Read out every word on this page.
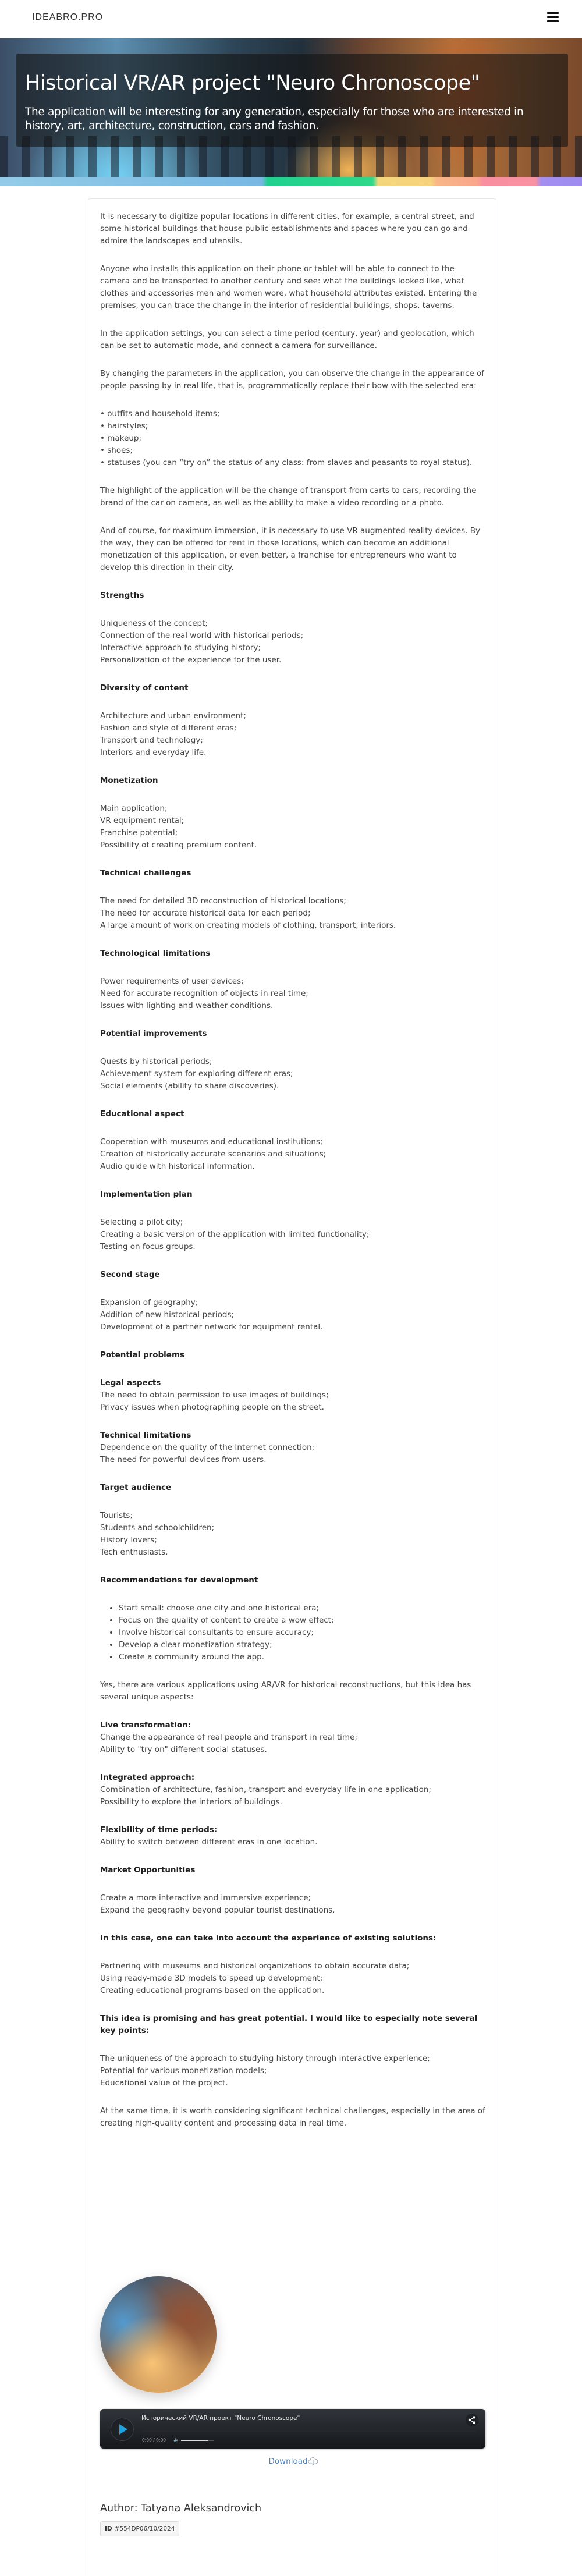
IDEABRO.PRO
Historical VR/AR project "Neuro Chronoscope"

The application will be interesting for any generation, especially for those who are interested in history, art, architecture, construction, cars and fashion.

It is necessary to digitize popular locations in different cities, for example, a central street, and some historical buildings that house public establishments and spaces where you can go and admire the landscapes and utensils.

Anyone who installs this application on their phone or tablet will be able to connect to the camera and be transported to another century and see: what the buildings looked like, what clothes and accessories men and women wore, what household attributes existed. Entering the premises, you can trace the change in the interior of residential buildings, shops, taverns.

In the application settings, you can select a time period (century, year) and geolocation, which can be set to automatic mode, and connect a camera for surveillance.

By changing the parameters in the application, you can observe the change in the appearance of people passing by in real life, that is, programmatically replace their bow with the selected era:

• outfits and household items;
• hairstyles;
• makeup;
• shoes;
• statuses (you can “try on” the status of any class: from slaves and peasants to royal status).

The highlight of the application will be the change of transport from carts to cars, recording the brand of the car on camera, as well as the ability to make a video recording or a photo.

And of course, for maximum immersion, it is necessary to use VR augmented reality devices. By the way, they can be offered for rent in those locations, which can become an additional monetization of this application, or even better, a franchise for entrepreneurs who want to develop this direction in their city.

Strengths
Uniqueness of the concept;
Connection of the real world with historical periods;
Interactive approach to studying history;
Personalization of the experience for the user.
Diversity of content
Architecture and urban environment;
Fashion and style of different eras;
Transport and technology;
Interiors and everyday life.
Monetization
Main application;
VR equipment rental;
Franchise potential;
Possibility of creating premium content.
Technical challenges
The need for detailed 3D reconstruction of historical locations;
The need for accurate historical data for each period;
A large amount of work on creating models of clothing, transport, interiors.
Technological limitations
Power requirements of user devices;
Need for accurate recognition of objects in real time;
Issues with lighting and weather conditions.
Potential improvements
Quests by historical periods;
Achievement system for exploring different eras;
Social elements (ability to share discoveries).
Educational aspect
Cooperation with museums and educational institutions;
Creation of historically accurate scenarios and situations;
Audio guide with historical information.
Implementation plan
Selecting a pilot city;
Creating a basic version of the application with limited functionality;
Testing on focus groups.
Second stage
Expansion of geography;
Addition of new historical periods;
Development of a partner network for equipment rental.
Potential problems
Legal aspects
The need to obtain permission to use images of buildings;
Privacy issues when photographing people on the street.
Technical limitations
Dependence on the quality of the Internet connection;
The need for powerful devices from users.
Target audience
Tourists;
Students and schoolchildren;
History lovers;
Tech enthusiasts.
Recommendations for development
• Start small: choose one city and one historical era;
• Focus on the quality of content to create a wow effect;
• Involve historical consultants to ensure accuracy;
• Develop a clear monetization strategy;
• Create a community around the app.

Yes, there are various applications using AR/VR for historical reconstructions, but this idea has several unique aspects:

Live transformation:
Change the appearance of real people and transport in real time;
Ability to "try on" different social statuses.
Integrated approach:
Combination of architecture, fashion, transport and everyday life in one application;
Possibility to explore the interiors of buildings.
Flexibility of time periods:
Ability to switch between different eras in one location.
Market Opportunities
Create a more interactive and immersive experience;
Expand the geography beyond popular tourist destinations.
In this case, one can take into account the experience of existing solutions:
Partnering with museums and historical organizations to obtain accurate data;
Using ready-made 3D models to speed up development;
Creating educational programs based on the application.
This idea is promising and has great potential. I would like to especially note several key points:
The uniqueness of the approach to studying history through interactive experience;
Potential for various monetization models;
Educational value of the project.

At the same time, it is worth considering significant technical challenges, especially in the area of creating high-quality content and processing data in real time.

Исторический VR/AR проект "Neuro Chronoscope"
0:00 / 0:00 🔈
Download
Author: Tatyana Aleksandrovich
ID #554DP06/10/2024
